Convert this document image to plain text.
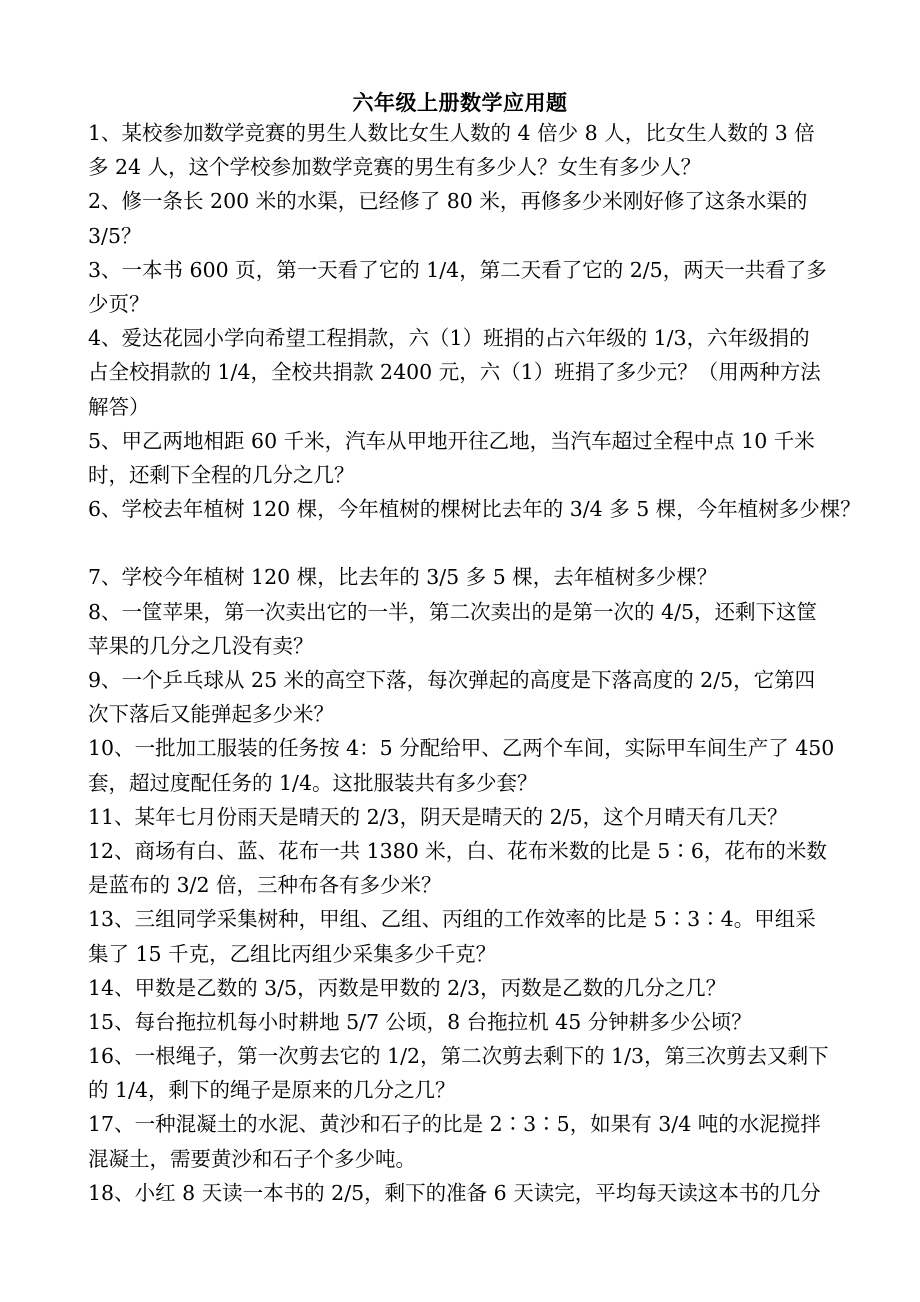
六年级上册数学应用题
1、某校参加数学竞赛的男生人数比女生人数的 4 倍少 8 人，比女生人数的 3 倍
多 24 人，这个学校参加数学竞赛的男生有多少人？女生有多少人？
2、修一条长 200 米的水渠，已经修了 80 米，再修多少米刚好修了这条水渠的
3/5？
3、一本书 600 页，第一天看了它的 1/4，第二天看了它的 2/5，两天一共看了多
少页？
4、爱达花园小学向希望工程捐款，六（1）班捐的占六年级的 1/3，六年级捐的
占全校捐款的 1/4，全校共捐款 2400 元，六（1）班捐了多少元？（用两种方法
解答）
5、甲乙两地相距 60 千米，汽车从甲地开往乙地，当汽车超过全程中点 10 千米
时，还剩下全程的几分之几？
6、学校去年植树 120 棵，今年植树的棵树比去年的 3/4 多 5 棵，今年植树多少棵？
7、学校今年植树 120 棵，比去年的 3/5 多 5 棵，去年植树多少棵？
8、一筐苹果，第一次卖出它的一半，第二次卖出的是第一次的 4/5，还剩下这筐
苹果的几分之几没有卖？
9、一个乒乓球从 25 米的高空下落，每次弹起的高度是下落高度的 2/5，它第四
次下落后又能弹起多少米？
10、一批加工服装的任务按 4：5 分配给甲、乙两个车间，实际甲车间生产了 450
套，超过度配任务的 1/4。这批服装共有多少套？
11、某年七月份雨天是晴天的 2/3，阴天是晴天的 2/5，这个月晴天有几天？
12、商场有白、蓝、花布一共 1380 米，白、花布米数的比是 5∶6，花布的米数
是蓝布的 3/2 倍，三种布各有多少米？
13、三组同学采集树种，甲组、乙组、丙组的工作效率的比是 5∶3∶4。甲组采
集了 15 千克，乙组比丙组少采集多少千克？
14、甲数是乙数的 3/5，丙数是甲数的 2/3，丙数是乙数的几分之几？
15、每台拖拉机每小时耕地 5/7 公顷，8 台拖拉机 45 分钟耕多少公顷？
16、一根绳子，第一次剪去它的 1/2，第二次剪去剩下的 1/3，第三次剪去又剩下
的 1/4，剩下的绳子是原来的几分之几？
17、一种混凝土的水泥、黄沙和石子的比是 2∶3∶5，如果有 3/4 吨的水泥搅拌
混凝土，需要黄沙和石子个多少吨。
18、小红 8 天读一本书的 2/5，剩下的准备 6 天读完，平均每天读这本书的几分
